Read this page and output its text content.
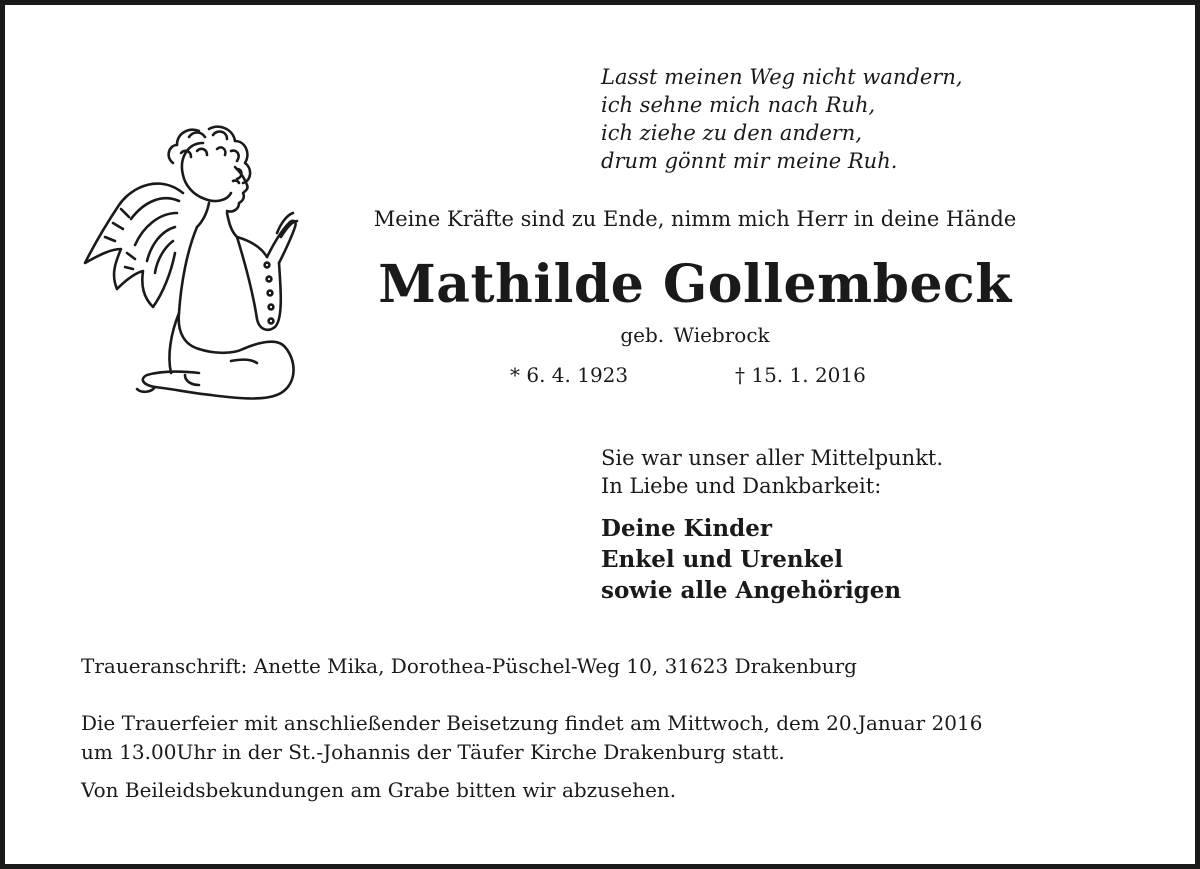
Lasst meinen Weg nicht wandern,
ich sehne mich nach Ruh,
ich ziehe zu den andern,
drum gönnt mir meine Ruh.
Meine Kräfte sind zu Ende, nimm mich Herr in deine Hände
Mathilde Gollembeck
geb. Wiebrock
* 6. 4. 1923	† 15. 1. 2016
Sie war unser aller Mittelpunkt.
In Liebe und Dankbarkeit:
Deine Kinder
Enkel und Urenkel
sowie alle Angehörigen
Traueranschrift: Anette Mika, Dorothea-Püschel-Weg 10, 31623 Drakenburg
Die Trauerfeier mit anschließender Beisetzung findet am Mittwoch, dem 20.Januar 2016
um 13.00Uhr in der St.-Johannis der Täufer Kirche Drakenburg statt.
Von Beileidsbekundungen am Grabe bitten wir abzusehen.
